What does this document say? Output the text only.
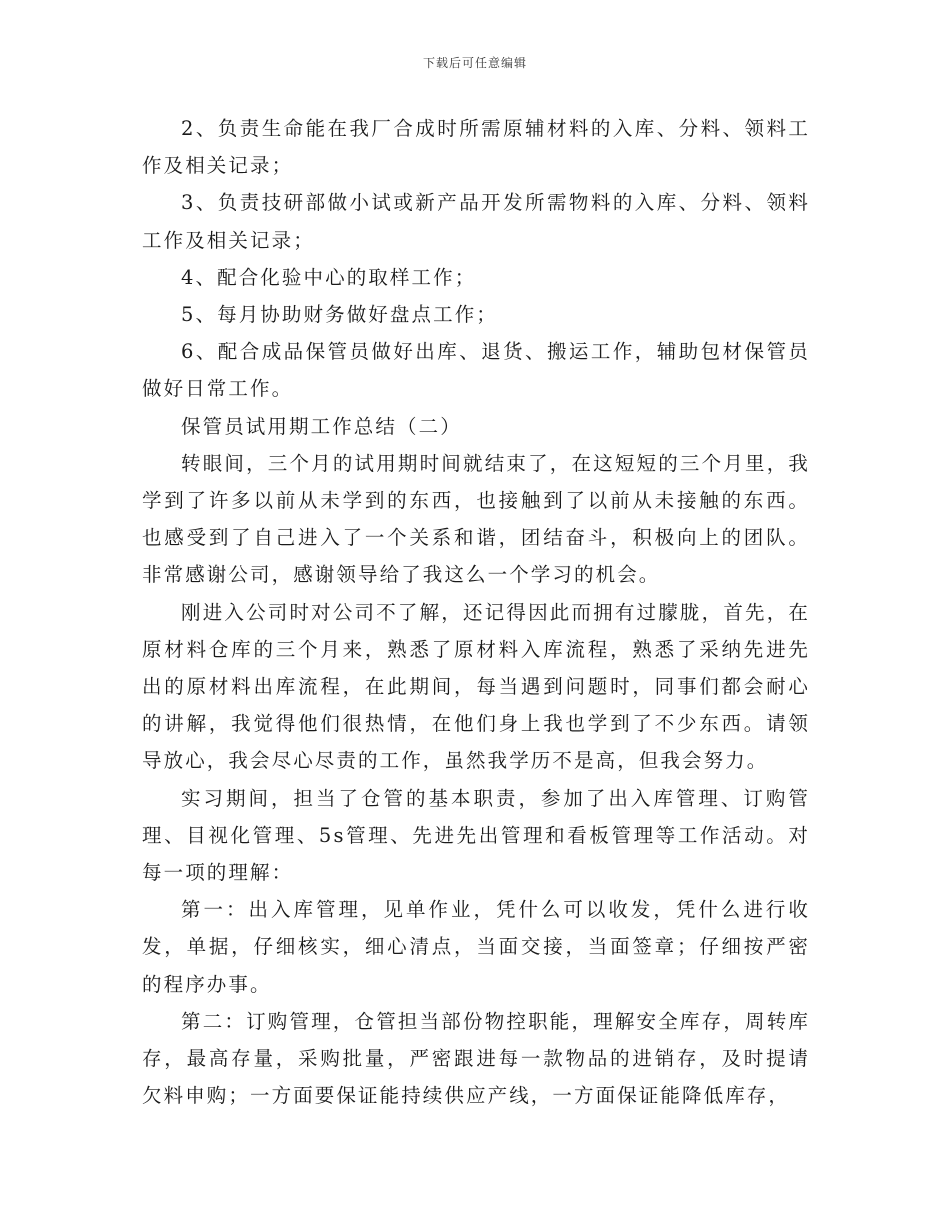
下载后可任意编辑

2、负责生命能在我厂合成时所需原辅材料的入库、分料、领料工作及相关记录；

3、负责技研部做小试或新产品开发所需物料的入库、分料、领料工作及相关记录；

4、配合化验中心的取样工作；

5、每月协助财务做好盘点工作；

6、配合成品保管员做好出库、退货、搬运工作，辅助包材保管员做好日常工作。

保管员试用期工作总结（二）

转眼间，三个月的试用期时间就结束了，在这短短的三个月里，我学到了许多以前从未学到的东西，也接触到了以前从未接触的东西。也感受到了自己进入了一个关系和谐，团结奋斗，积极向上的团队。非常感谢公司，感谢领导给了我这么一个学习的机会。

刚进入公司时对公司不了解，还记得因此而拥有过朦胧，首先，在原材料仓库的三个月来，熟悉了原材料入库流程，熟悉了采纳先进先出的原材料出库流程，在此期间，每当遇到问题时，同事们都会耐心的讲解，我觉得他们很热情，在他们身上我也学到了不少东西。请领导放心，我会尽心尽责的工作，虽然我学历不是高，但我会努力。

实习期间，担当了仓管的基本职责，参加了出入库管理、订购管理、目视化管理、5s管理、先进先出管理和看板管理等工作活动。对每一项的理解：

第一：出入库管理，见单作业，凭什么可以收发，凭什么进行收发，单据，仔细核实，细心清点，当面交接，当面签章；仔细按严密的程序办事。

第二：订购管理，仓管担当部份物控职能，理解安全库存，周转库存，最高存量，采购批量，严密跟进每一款物品的进销存，及时提请欠料申购；一方面要保证能持续供应产线，一方面保证能降低库存，
